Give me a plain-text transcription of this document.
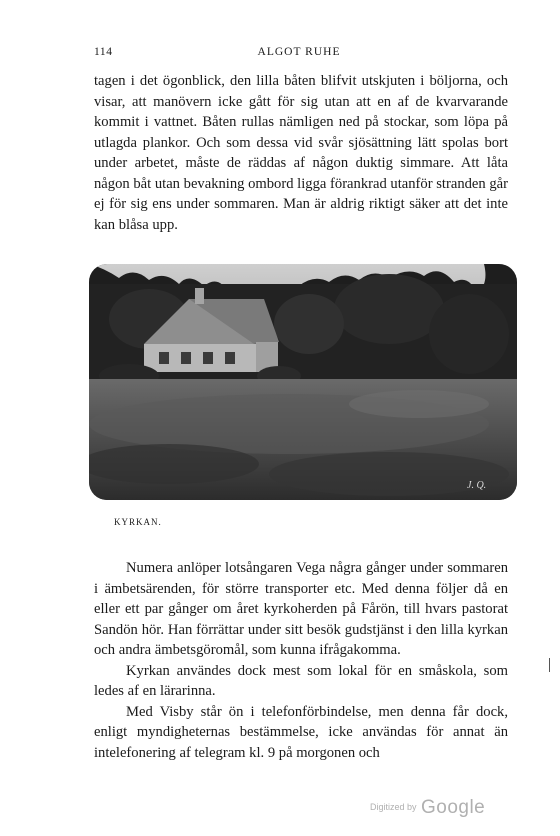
114	ALGOT RUHE

tagen i det ögonblick, den lilla båten blifvit utskjuten i böljorna, och visar, att manövern icke gått för sig utan att en af de kvarvarande kommit i vattnet. Båten rullas nämligen ned på stockar, som löpa på utlagda plankor. Och som dessa vid svår sjösättning lätt spolas bort under arbetet, måste de räddas af någon duktig simmare. Att låta någon båt utan bevakning ombord ligga förankrad utanför stranden går ej för sig ens under sommaren. Man är aldrig riktigt säker att det inte kan blåsa upp.

J. Q.
KYRKAN.

Numera anlöper lotsångaren Vega några gånger under sommaren i ämbetsärenden, för större transporter etc. Med denna följer då en eller ett par gånger om året kyrkoherden på Fårön, till hvars pastorat Sandön hör. Han förrättar under sitt besök gudstjänst i den lilla kyrkan och andra ämbetsgöromål, som kunna ifrågakomma.

Kyrkan användes dock mest som lokal för en småskola, som ledes af en lärarinna.

Med Visby står ön i telefonförbindelse, men denna får dock, enligt myndigheternas bestämmelse, icke användas för annat än intelefonering af telegram kl. 9 på morgonen och

Digitized by Google
